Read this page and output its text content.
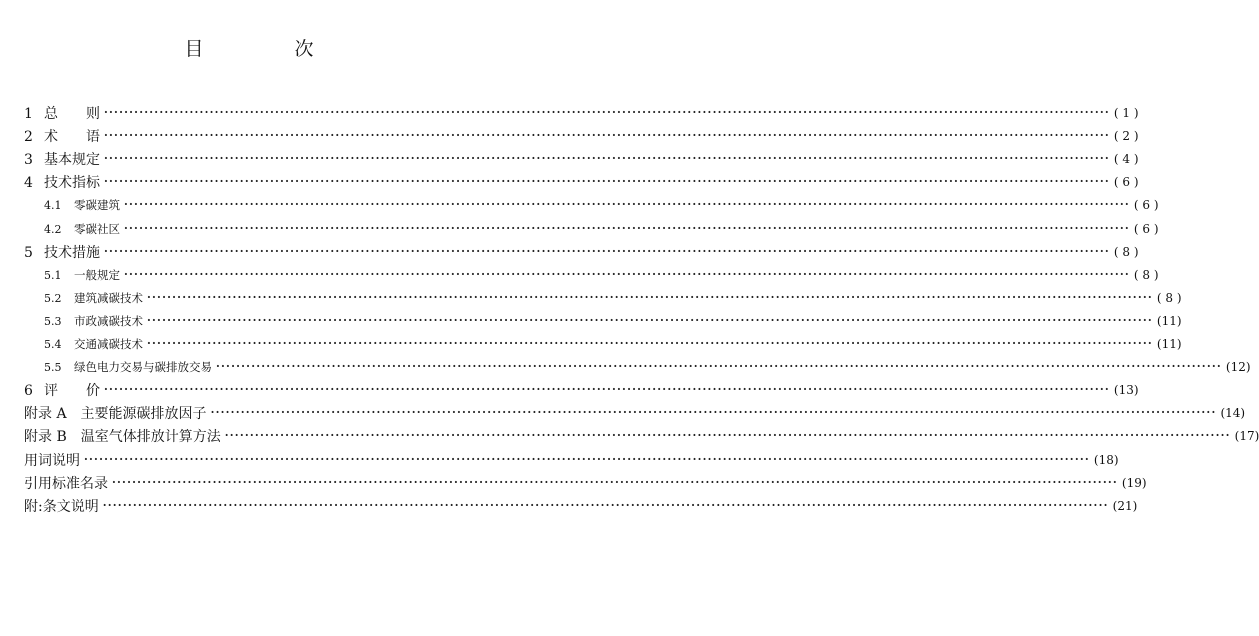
目　次
1 总　　则 ········································································································································································································ ( 1 )
2 术　　语 ········································································································································································································ ( 2 )
3 基本规定 ········································································································································································································ ( 4 )
4 技术指标 ········································································································································································································ ( 6 )
4.1 零碳建筑 ········································································································································································································ ( 6 )
4.2 零碳社区 ········································································································································································································ ( 6 )
5 技术措施 ········································································································································································································ ( 8 )
5.1 一般规定 ········································································································································································································ ( 8 )
5.2 建筑减碳技术 ········································································································································································································ ( 8 )
5.3 市政减碳技术 ········································································································································································································ (11)
5.4 交通减碳技术 ········································································································································································································ (11)
5.5 绿色电力交易与碳排放交易 ········································································································································································································ (12)
6 评　　价 ········································································································································································································ (13)
附录 A　主要能源碳排放因子 ········································································································································································································ (14)
附录 B　温室气体排放计算方法 ········································································································································································································ (17)
用词说明 ········································································································································································································ (18)
引用标准名录 ········································································································································································································ (19)
附:条文说明 ········································································································································································································ (21)
